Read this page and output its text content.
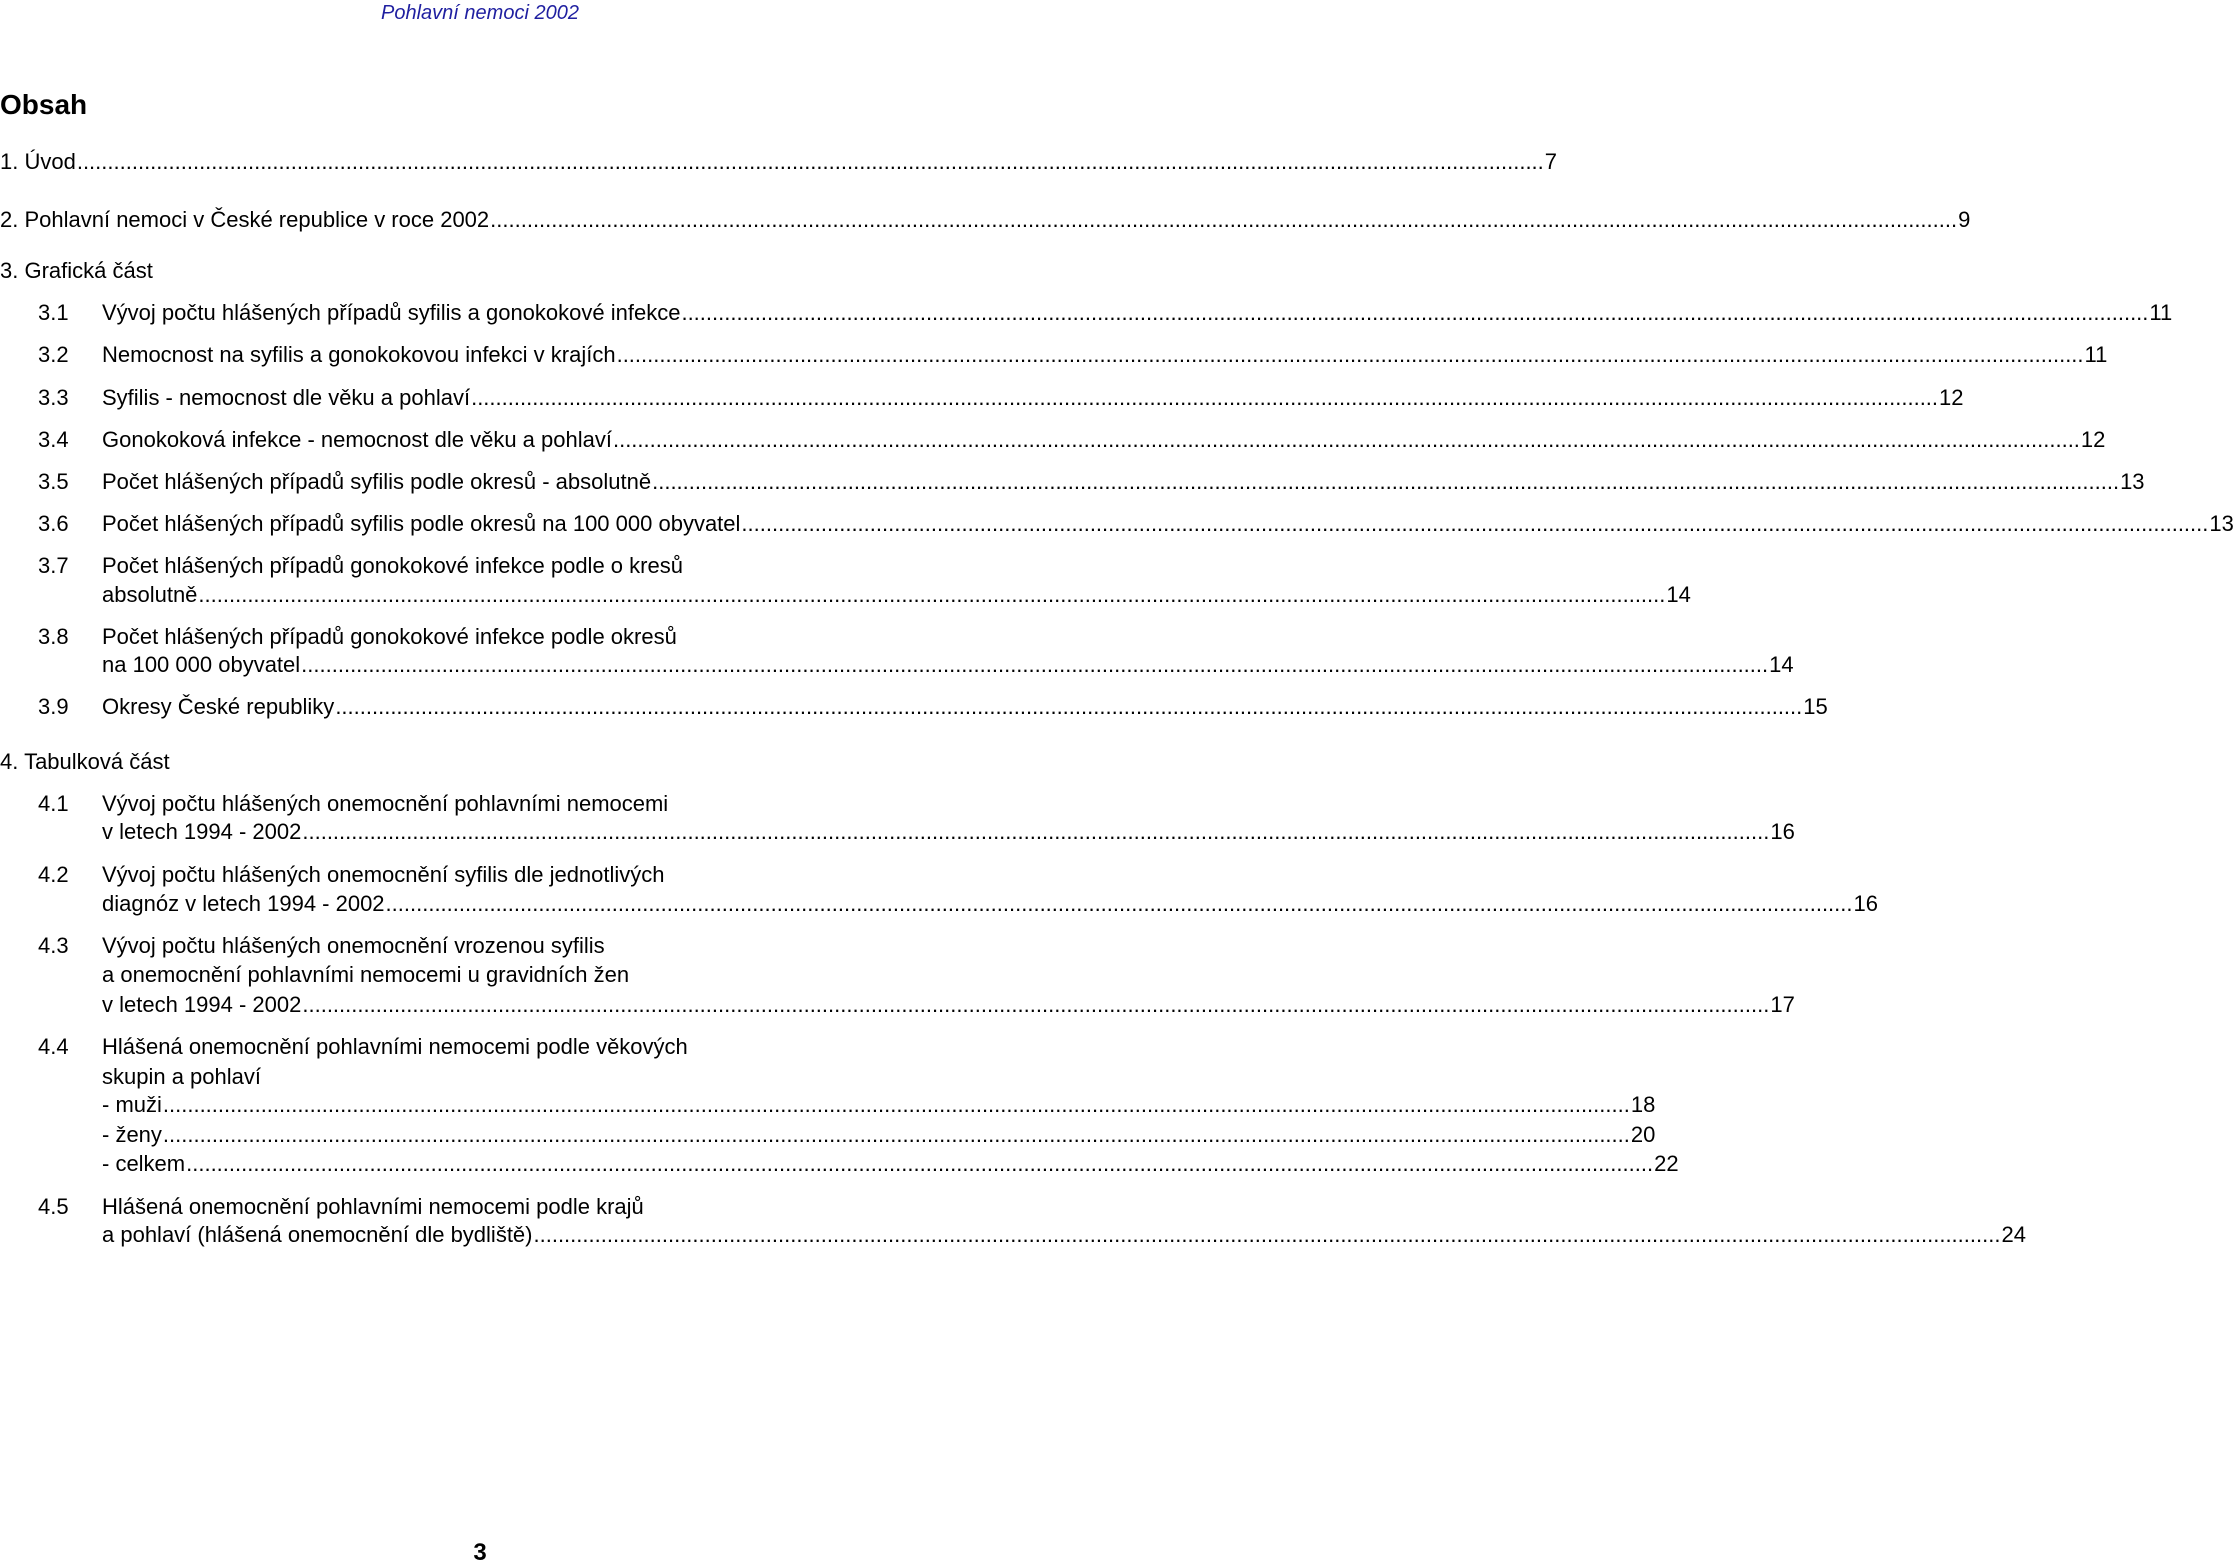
Pohlavní nemoci 2002
Obsah
1. Úvod ................................................................................................................................................................................................................................................ 7
2. Pohlavní nemoci v České republice v roce 2002 ................................................................................................................................................................................................................................................ 9
3. Grafická část
3.1 Vývoj počtu hlášených případů syfilis a gonokokové infekce ................................................................................................................................................................................................................................................ 11
3.2 Nemocnost na syfilis a gonokokovou infekci v krajích ................................................................................................................................................................................................................................................ 11
3.3 Syfilis - nemocnost dle věku a pohlaví ................................................................................................................................................................................................................................................ 12
3.4 Gonokoková infekce - nemocnost dle věku a pohlaví ................................................................................................................................................................................................................................................ 12
3.5 Počet hlášených případů syfilis podle okresů - absolutně ................................................................................................................................................................................................................................................ 13
3.6 Počet hlášených případů syfilis podle okresů na 100 000 obyvatel ................................................................................................................................................................................................................................................ 13
3.7 Počet hlášených případů gonokokové infekce podle o kresů
absolutně ................................................................................................................................................................................................................................................ 14
3.8 Počet hlášených případů gonokokové infekce podle okresů
na 100 000 obyvatel ................................................................................................................................................................................................................................................ 14
3.9 Okresy České republiky ................................................................................................................................................................................................................................................ 15
4. Tabulková část
4.1 Vývoj počtu hlášených onemocnění pohlavními nemocemi
v letech 1994 - 2002 ................................................................................................................................................................................................................................................ 16
4.2 Vývoj počtu hlášených onemocnění syfilis dle jednotlivých
diagnóz v letech 1994 - 2002 ................................................................................................................................................................................................................................................ 16
4.3 Vývoj počtu hlášených onemocnění vrozenou syfilis
a onemocnění pohlavními nemocemi u gravidních žen
v letech 1994 - 2002 ................................................................................................................................................................................................................................................ 17
4.4 Hlášená onemocnění pohlavními nemocemi podle věkových
skupin a pohlaví
- muži ................................................................................................................................................................................................................................................ 18
- ženy ................................................................................................................................................................................................................................................ 20
- celkem ................................................................................................................................................................................................................................................ 22
4.5 Hlášená onemocnění pohlavními nemocemi podle krajů
a pohlaví (hlášená onemocnění dle bydliště) ................................................................................................................................................................................................................................................ 24
3
